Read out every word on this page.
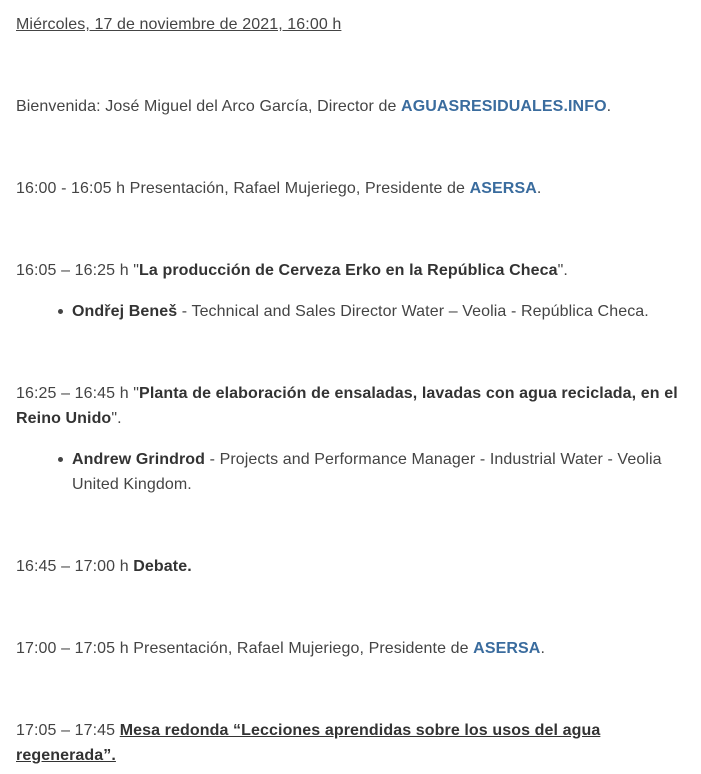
Miércoles, 17 de noviembre de 2021, 16:00 h
Bienvenida: José Miguel del Arco García, Director de AGUASRESIDUALES.INFO.
16:00 - 16:05 h Presentación, Rafael Mujeriego, Presidente de ASERSA.
16:05 – 16:25 h "La producción de Cerveza Erko en la República Checa".
Ondřej Beneš - Technical and Sales Director Water – Veolia - República Checa.
16:25 – 16:45 h "Planta de elaboración de ensaladas, lavadas con agua reciclada, en el Reino Unido".
Andrew Grindrod - Projects and Performance Manager - Industrial Water - Veolia United Kingdom.
16:45 – 17:00 h Debate.
17:00 – 17:05 h Presentación, Rafael Mujeriego, Presidente de ASERSA.
17:05 – 17:45 Mesa redonda “Lecciones aprendidas sobre los usos del agua regenerada”.
